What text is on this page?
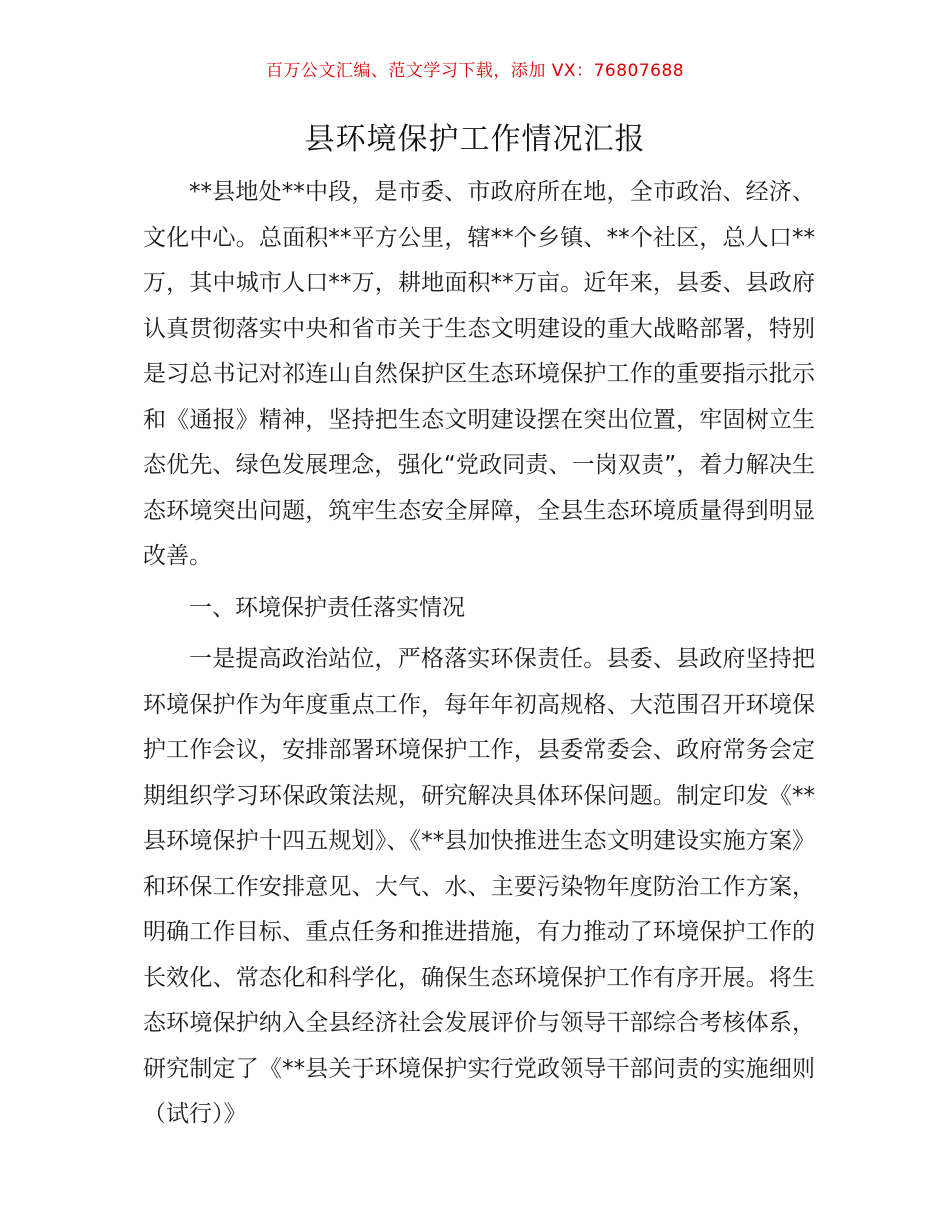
百万公文汇编、范文学习下载，添加 VX：76807688
县环境保护工作情况汇报

**县地处**中段，是市委、市政府所在地，全市政治、经济、文化中心。总面积**平方公里，辖**个乡镇、**个社区，总人口**万，其中城市人口**万，耕地面积**万亩。近年来，县委、县政府认真贯彻落实中央和省市关于生态文明建设的重大战略部署，特别是习总书记对祁连山自然保护区生态环境保护工作的重要指示批示和《通报》精神，坚持把生态文明建设摆在突出位置，牢固树立生态优先、绿色发展理念，强化“党政同责、一岗双责”，着力解决生态环境突出问题，筑牢生态安全屏障，全县生态环境质量得到明显改善。

一、环境保护责任落实情况

一是提高政治站位，严格落实环保责任。县委、县政府坚持把环境保护作为年度重点工作，每年年初高规格、大范围召开环境保护工作会议，安排部署环境保护工作，县委常委会、政府常务会定期组织学习环保政策法规，研究解决具体环保问题。制定印发《**县环境保护十四五规划》、《**县加快推进生态文明建设实施方案》和环保工作安排意见、大气、水、主要污染物年度防治工作方案，明确工作目标、重点任务和推进措施，有力推动了环境保护工作的长效化、常态化和科学化，确保生态环境保护工作有序开展。将生态环境保护纳入全县经济社会发展评价与领导干部综合考核体系，研究制定了《**县关于环境保护实行党政领导干部问责的实施细则（试行）》
